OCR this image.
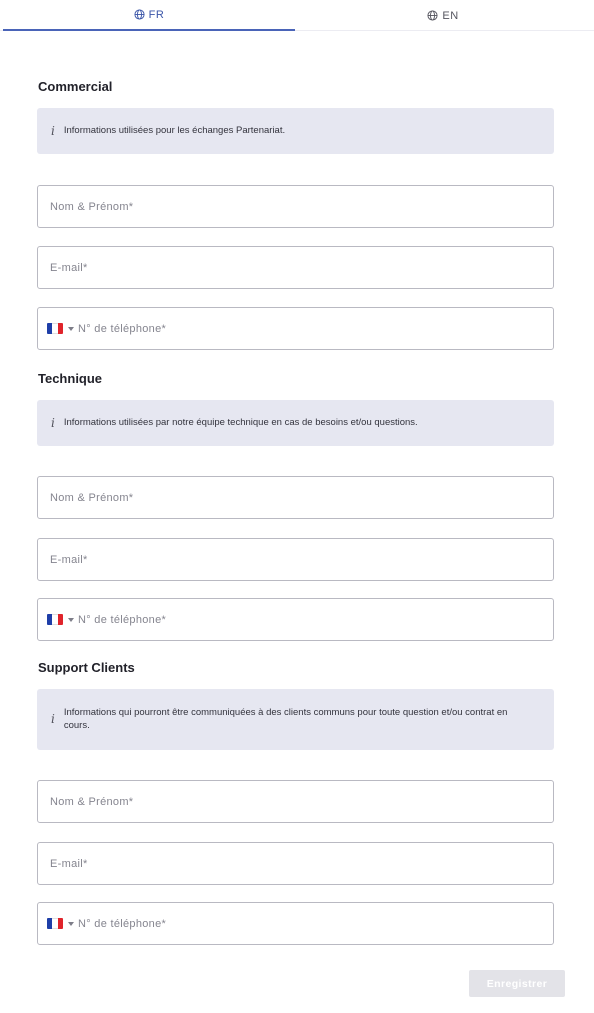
FR	EN
Commercial
i Informations utilisées pour les échanges Partenariat.
Nom & Prénom*
E-mail*
N° de téléphone*
Technique
i Informations utilisées par notre équipe technique en cas de besoins et/ou questions.
Nom & Prénom*
E-mail*
N° de téléphone*
Support Clients
i
Informations qui pourront être communiquées à des clients communs pour toute question et/ou contrat en cours.
Nom & Prénom*
E-mail*
N° de téléphone*
Enregistrer
